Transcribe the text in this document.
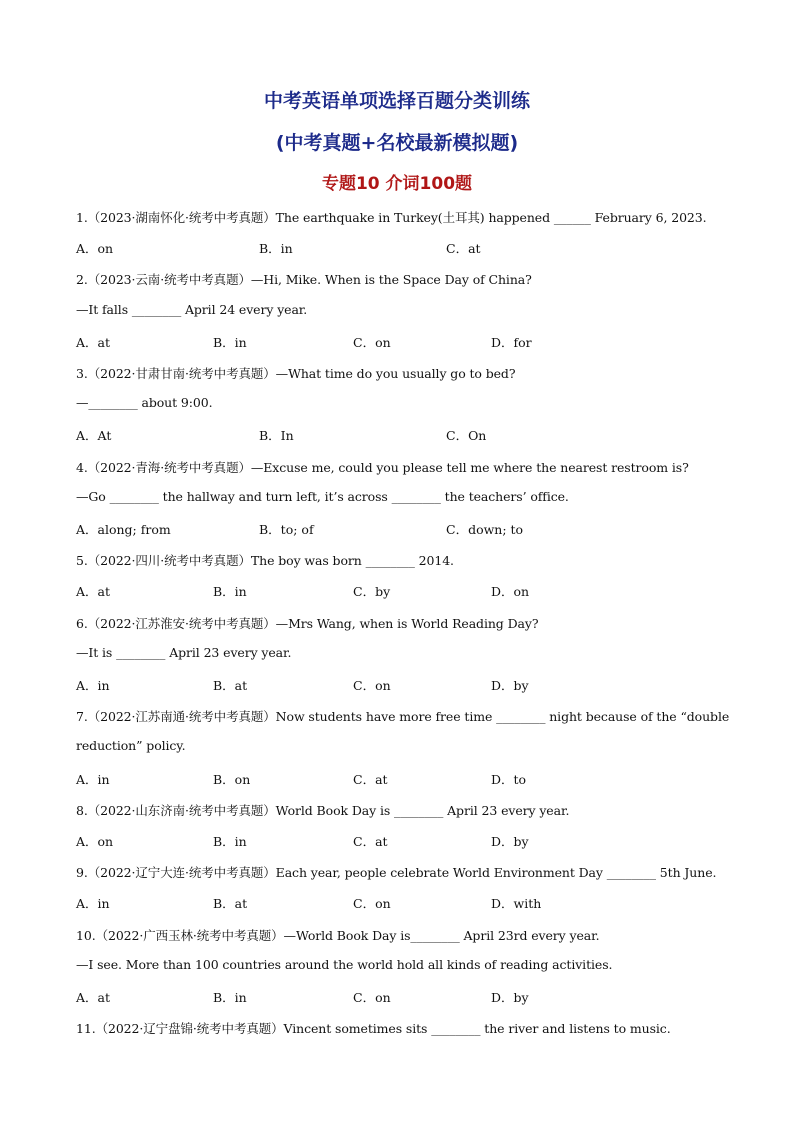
中考英语单项选择百题分类训练
(中考真题+名校最新模拟题)
专题10 介词100题
1.（2023·湖南怀化·统考中考真题）The earthquake in Turkey(土耳其) happened ______ February 6, 2023.
A．on	B．in	C．at
2.（2023·云南·统考中考真题）—Hi, Mike. When is the Space Day of China?
—It falls ________ April 24 every year.
A．at	B．in	C．on	D．for
3.（2022·甘肃甘南·统考中考真题）—What time do you usually go to bed?
—________ about 9:00.
A．At	B．In	C．On
4.（2022·青海·统考中考真题）—Excuse me, could you please tell me where the nearest restroom is?
—Go ________ the hallway and turn left, it’s across ________ the teachers’ office.
A．along; from	B．to; of	C．down; to
5.（2022·四川·统考中考真题）The boy was born ________ 2014.
A．at	B．in	C．by	D．on
6.（2022·江苏淮安·统考中考真题）—Mrs Wang, when is World Reading Day?
—It is ________ April 23 every year.
A．in	B．at	C．on	D．by
7.（2022·江苏南通·统考中考真题）Now students have more free time ________ night because of the “double
reduction” policy.
A．in	B．on	C．at	D．to
8.（2022·山东济南·统考中考真题）World Book Day is ________ April 23 every year.
A．on	B．in	C．at	D．by
9.（2022·辽宁大连·统考中考真题）Each year, people celebrate World Environment Day ________ 5th June.
A．in	B．at	C．on	D．with
10.（2022·广西玉林·统考中考真题）—World Book Day is________ April 23rd every year.
—I see. More than 100 countries around the world hold all kinds of reading activities.
A．at	B．in	C．on	D．by
11.（2022·辽宁盘锦·统考中考真题）Vincent sometimes sits ________ the river and listens to music.
